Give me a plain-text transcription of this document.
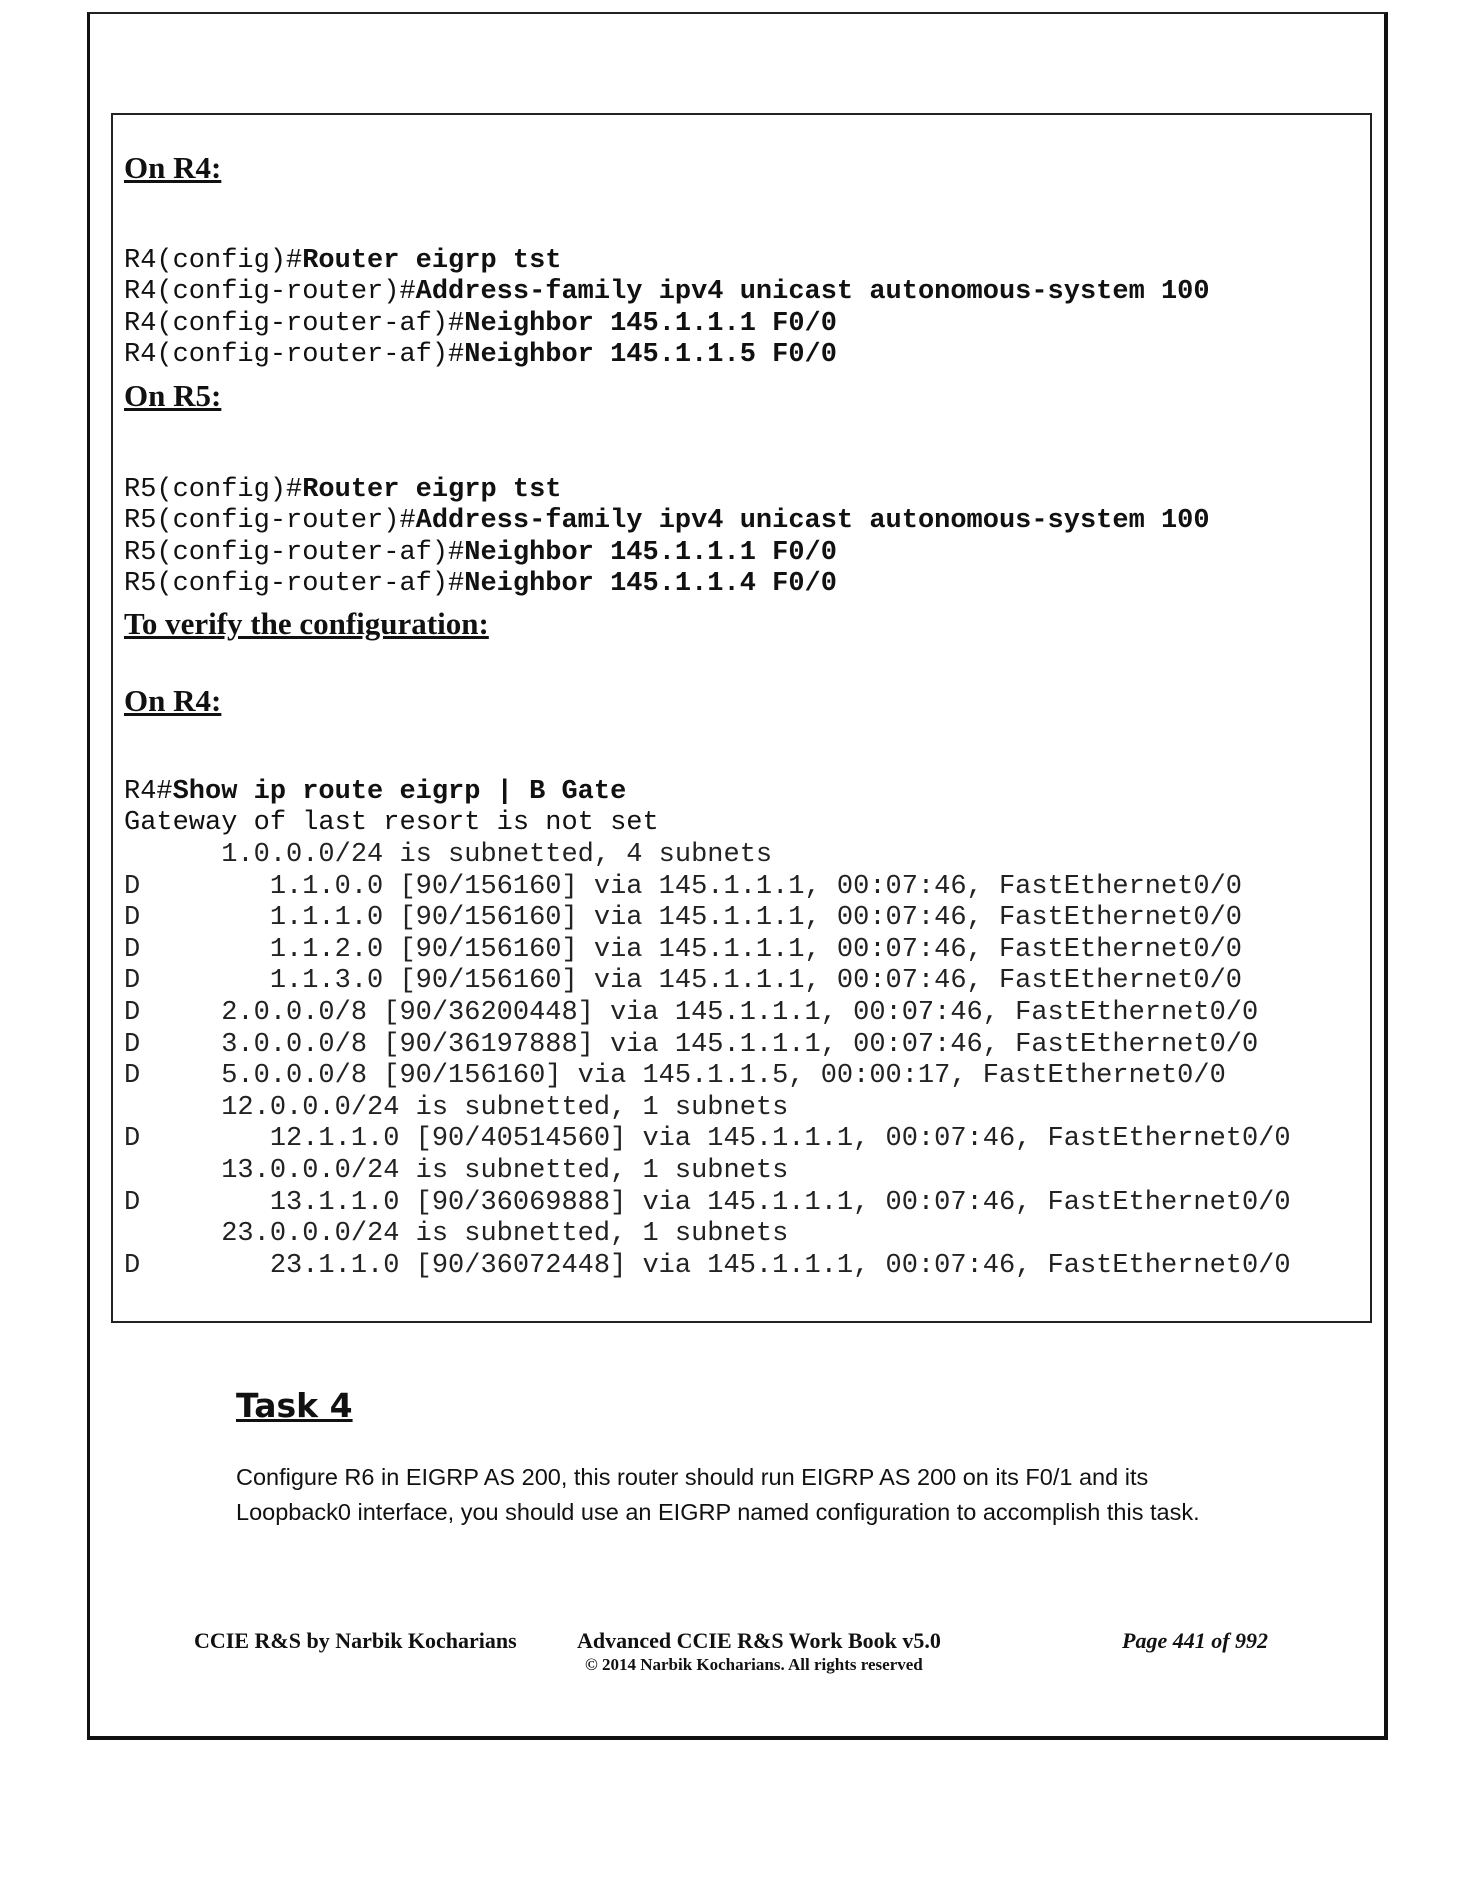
On R4:

R4(config)#Router eigrp tst
R4(config-router)#Address-family ipv4 unicast autonomous-system 100
R4(config-router-af)#Neighbor 145.1.1.1 F0/0
R4(config-router-af)#Neighbor 145.1.1.5 F0/0

On R5:

R5(config)#Router eigrp tst
R5(config-router)#Address-family ipv4 unicast autonomous-system 100
R5(config-router-af)#Neighbor 145.1.1.1 F0/0
R5(config-router-af)#Neighbor 145.1.1.4 F0/0

To verify the configuration:
On R4:

R4#Show ip route eigrp | B Gate
Gateway of last resort is not set

1.0.0.0/24 is subnetted, 4 subnets
D        1.1.0.0 [90/156160] via 145.1.1.1, 00:07:46, FastEthernet0/0
D        1.1.1.0 [90/156160] via 145.1.1.1, 00:07:46, FastEthernet0/0
D        1.1.2.0 [90/156160] via 145.1.1.1, 00:07:46, FastEthernet0/0
D        1.1.3.0 [90/156160] via 145.1.1.1, 00:07:46, FastEthernet0/0
D     2.0.0.0/8 [90/36200448] via 145.1.1.1, 00:07:46, FastEthernet0/0
D     3.0.0.0/8 [90/36197888] via 145.1.1.1, 00:07:46, FastEthernet0/0
D     5.0.0.0/8 [90/156160] via 145.1.1.5, 00:00:17, FastEthernet0/0
12.0.0.0/24 is subnetted, 1 subnets
D        12.1.1.0 [90/40514560] via 145.1.1.1, 00:07:46, FastEthernet0/0
13.0.0.0/24 is subnetted, 1 subnets
D        13.1.1.0 [90/36069888] via 145.1.1.1, 00:07:46, FastEthernet0/0
23.0.0.0/24 is subnetted, 1 subnets
D        23.1.1.0 [90/36072448] via 145.1.1.1, 00:07:46, FastEthernet0/0
Task 4
Configure R6 in EIGRP AS 200, this router should run EIGRP AS 200 on its F0/1 and its Loopback0 interface, you should use an EIGRP named configuration to accomplish this task.
CCIE R&S by Narbik Kocharians	Advanced CCIE R&S Work Book v5.0
© 2014 Narbik Kocharians. All rights reserved
Page 441 of 992
